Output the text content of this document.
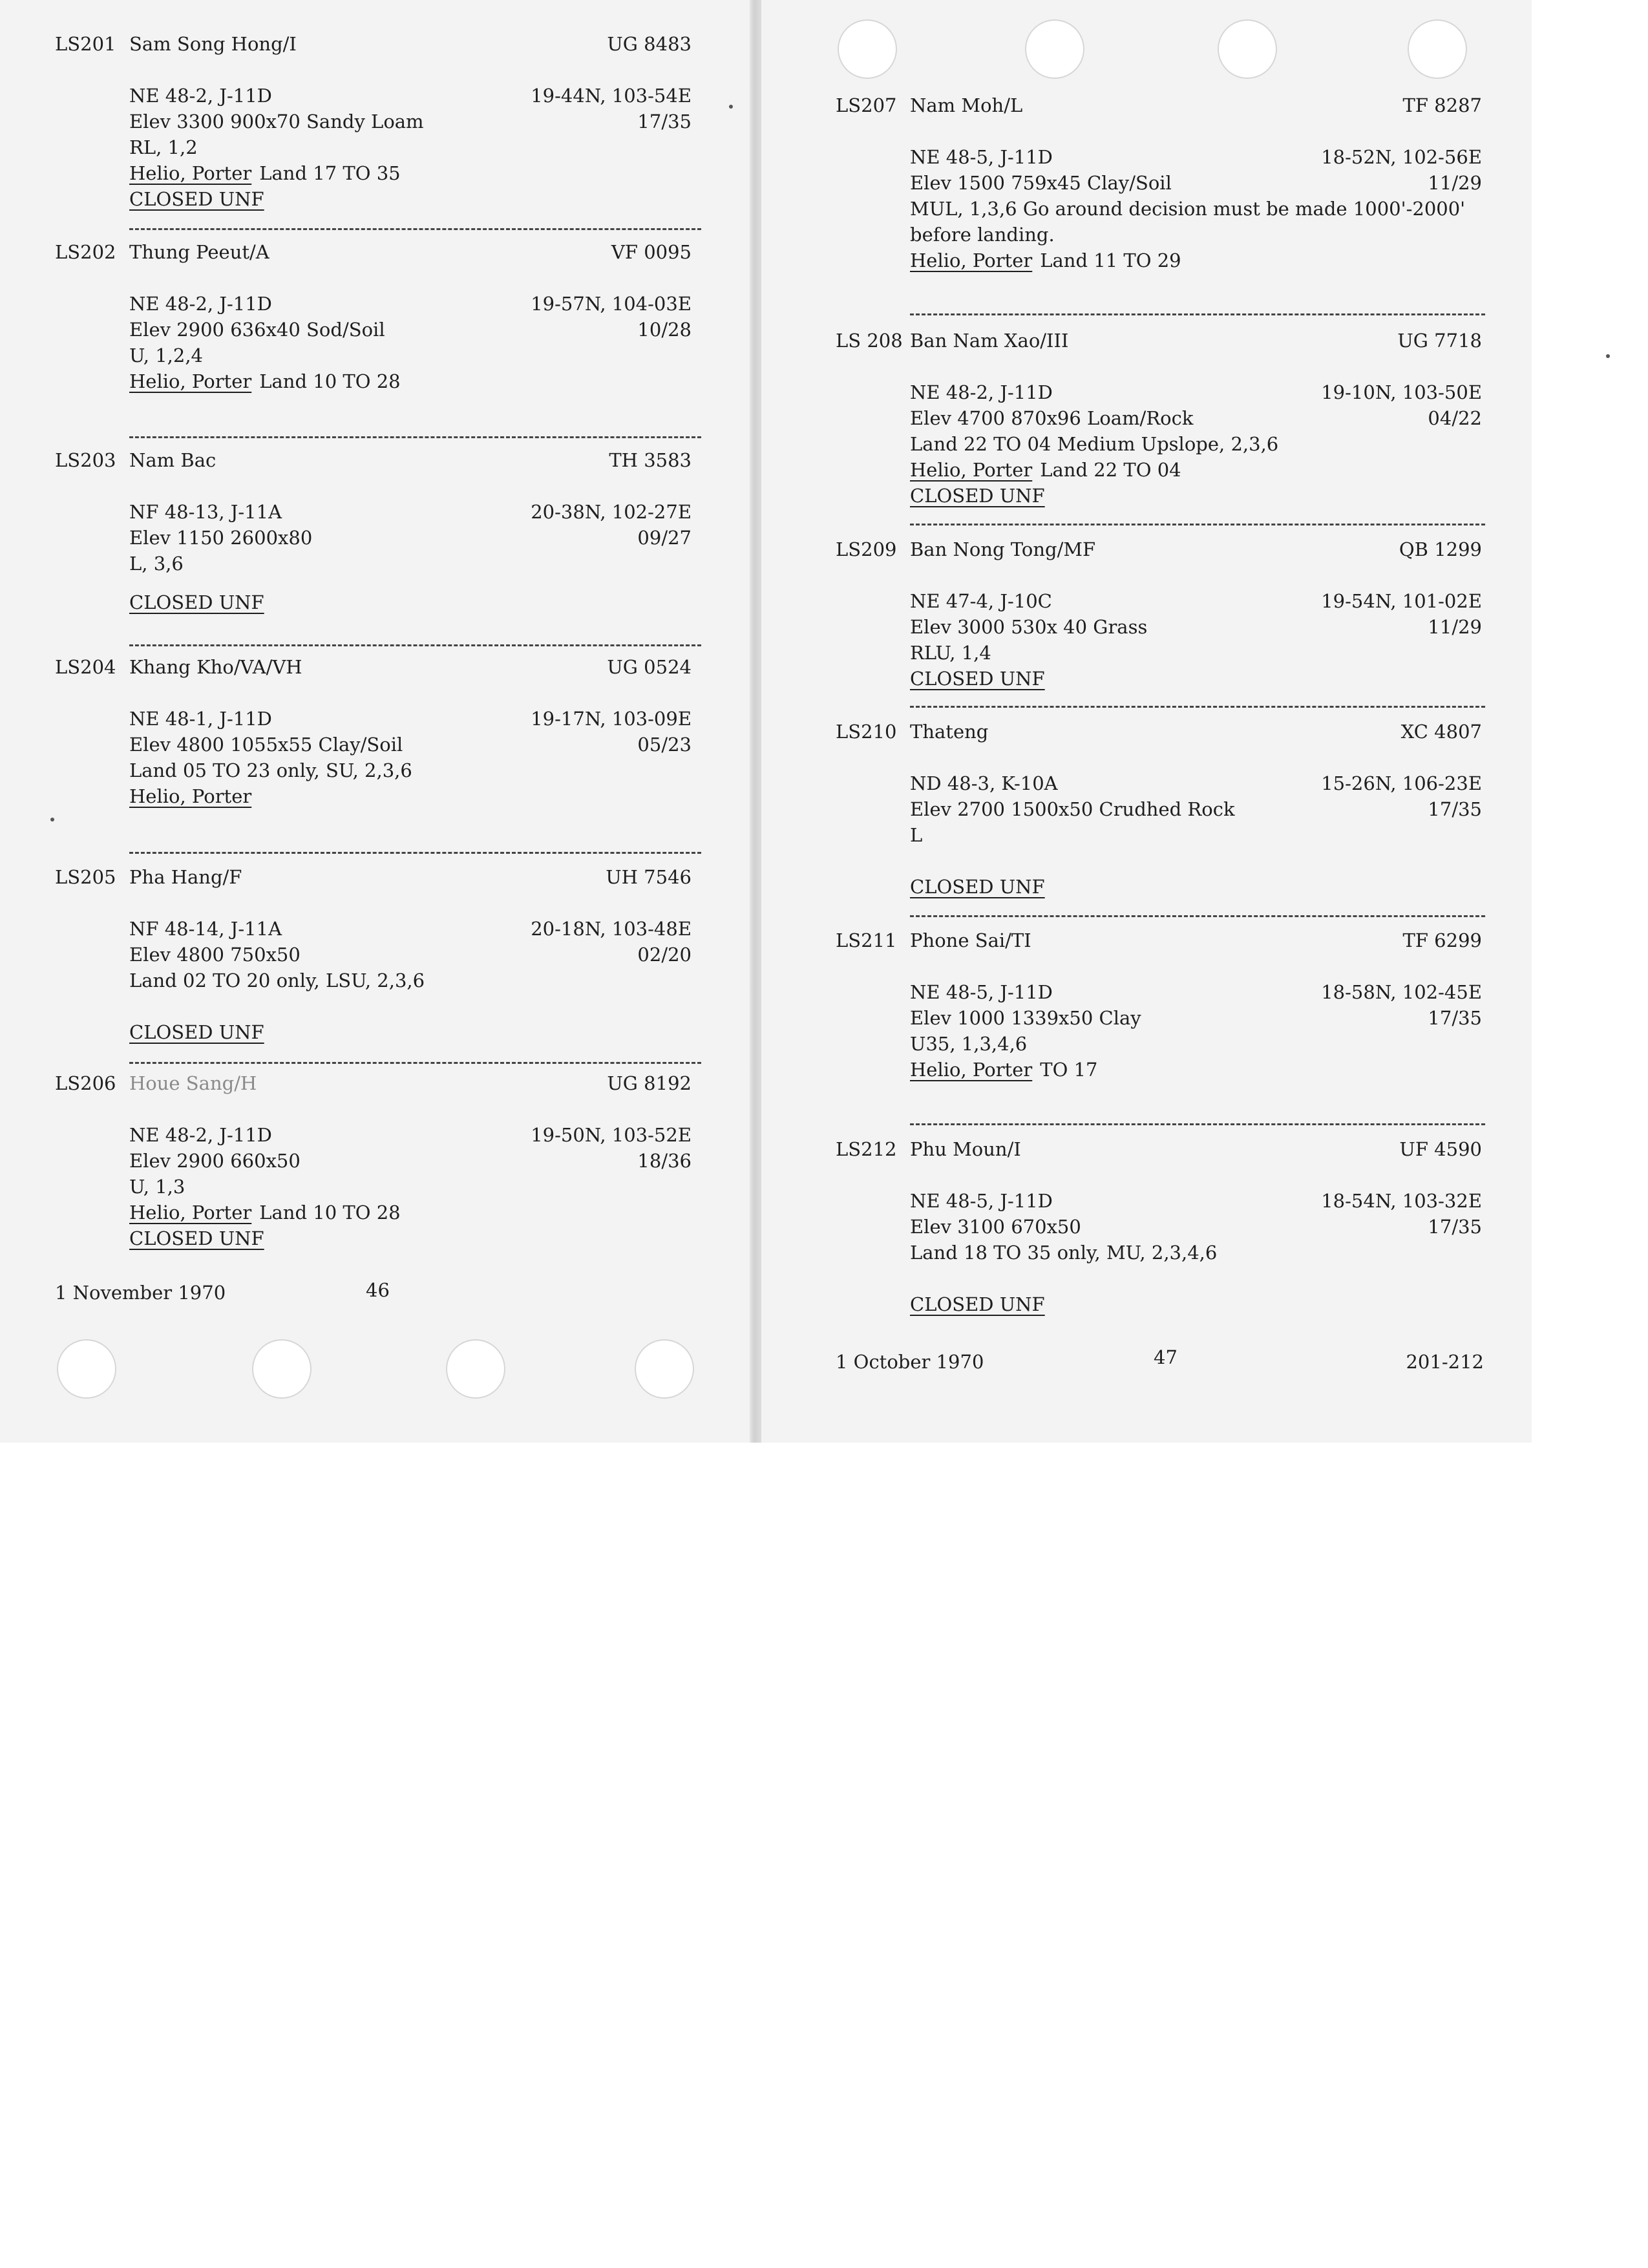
LS201 Sam Song Hong/I	UG 8483
NE 48-2, J-11D	19-44N, 103-54E
Elev 3300 900x70 Sandy Loam	17/35
RL, 1,2
Helio, Porter Land 17 TO 35
CLOSED UNF
LS202 Thung Peeut/A	VF 0095
NE 48-2, J-11D	19-57N, 104-03E
Elev 2900 636x40 Sod/Soil	10/28
U, 1,2,4
Helio, Porter Land 10 TO 28
LS203 Nam Bac	TH 3583
NF 48-13, J-11A	20-38N, 102-27E
Elev 1150 2600x80	09/27
L, 3,6
CLOSED UNF
LS204 Khang Kho/VA/VH	UG 0524
NE 48-1, J-11D	19-17N, 103-09E
Elev 4800 1055x55 Clay/Soil	05/23
Land 05 TO 23 only, SU, 2,3,6
Helio, Porter
LS205 Pha Hang/F	UH 7546
NF 48-14, J-11A	20-18N, 103-48E
Elev 4800 750x50	02/20
Land 02 TO 20 only, LSU, 2,3,6
CLOSED UNF
LS206 Houe Sang/H	UG 8192
NE 48-2, J-11D	19-50N, 103-52E
Elev 2900 660x50	18/36
U, 1,3
Helio, Porter Land 10 TO 28
CLOSED UNF
1 November 1970	46
LS207 Nam Moh/L	TF 8287
NE 48-5, J-11D	18-52N, 102-56E
Elev 1500 759x45 Clay/Soil	11/29
MUL, 1,3,6 Go around decision must be made 1000'-2000' before landing.
Helio, Porter Land 11 TO 29
LS 208 Ban Nam Xao/III	UG 7718
NE 48-2, J-11D	19-10N, 103-50E
Elev 4700 870x96 Loam/Rock	04/22
Land 22 TO 04 Medium Upslope, 2,3,6
Helio, Porter Land 22 TO 04
CLOSED UNF
LS209 Ban Nong Tong/MF	QB 1299
NE 47-4, J-10C	19-54N, 101-02E
Elev 3000 530x 40 Grass	11/29
RLU, 1,4
CLOSED UNF
LS210 Thateng	XC 4807
ND 48-3, K-10A	15-26N, 106-23E
Elev 2700 1500x50 Crudhed Rock	17/35
L
CLOSED UNF
LS211 Phone Sai/TI	TF 6299
NE 48-5, J-11D	18-58N, 102-45E
Elev 1000 1339x50 Clay	17/35
U35, 1,3,4,6
Helio, Porter TO 17
LS212 Phu Moun/I	UF 4590
NE 48-5, J-11D	18-54N, 103-32E
Elev 3100 670x50	17/35
Land 18 TO 35 only, MU, 2,3,4,6
CLOSED UNF
1 October 1970	47	201-212
